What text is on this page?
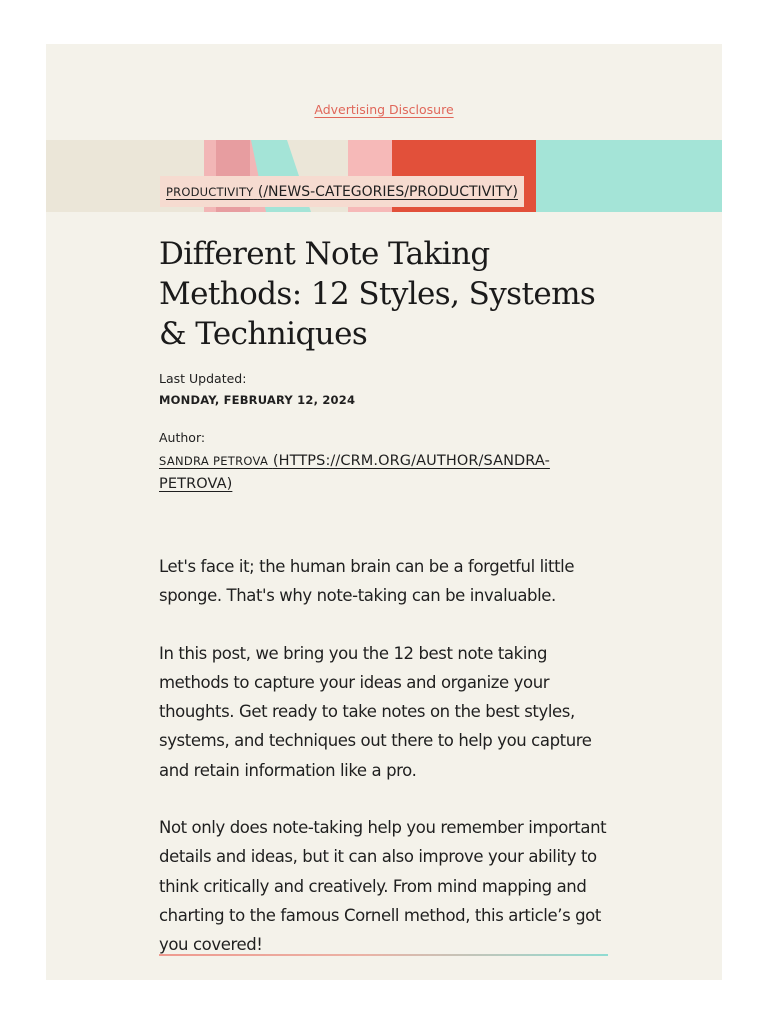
Advertising Disclosure
PRODUCTIVITY (/NEWS-CATEGORIES/PRODUCTIVITY)
Different Note Taking Methods: 12 Styles, Systems & Techniques
Last Updated:
MONDAY, FEBRUARY 12, 2024
Author:
SANDRA PETROVA (HTTPS://CRM.ORG/AUTHOR/SANDRA-PETROVA)

Let's face it; the human brain can be a forgetful little sponge. That's why note-taking can be invaluable.

In this post, we bring you the 12 best note taking methods to capture your ideas and organize your thoughts. Get ready to take notes on the best styles, systems, and techniques out there to help you capture and retain information like a pro.

Not only does note-taking help you remember important details and ideas, but it can also improve your ability to think critically and creatively. From mind mapping and charting to the famous Cornell method, this article’s got you covered!
